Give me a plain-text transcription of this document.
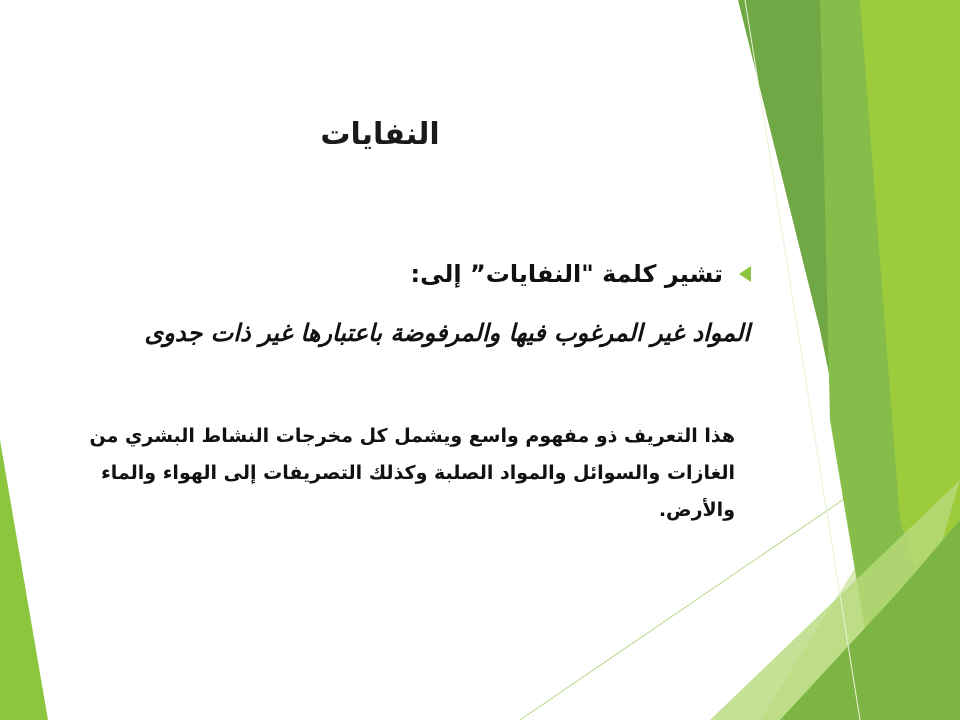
النفايات
تشير كلمة "النفايات” إلى:
المواد غير المرغوب فيها والمرفوضة باعتبارها غير ذات جدوى
هذا التعريف ذو مفهوم واسع ويشمل كل مخرجات النشاط البشري من الغازات والسوائل والمواد الصلبة وكذلك التصريفات إلى الهواء والماء والأرض.
